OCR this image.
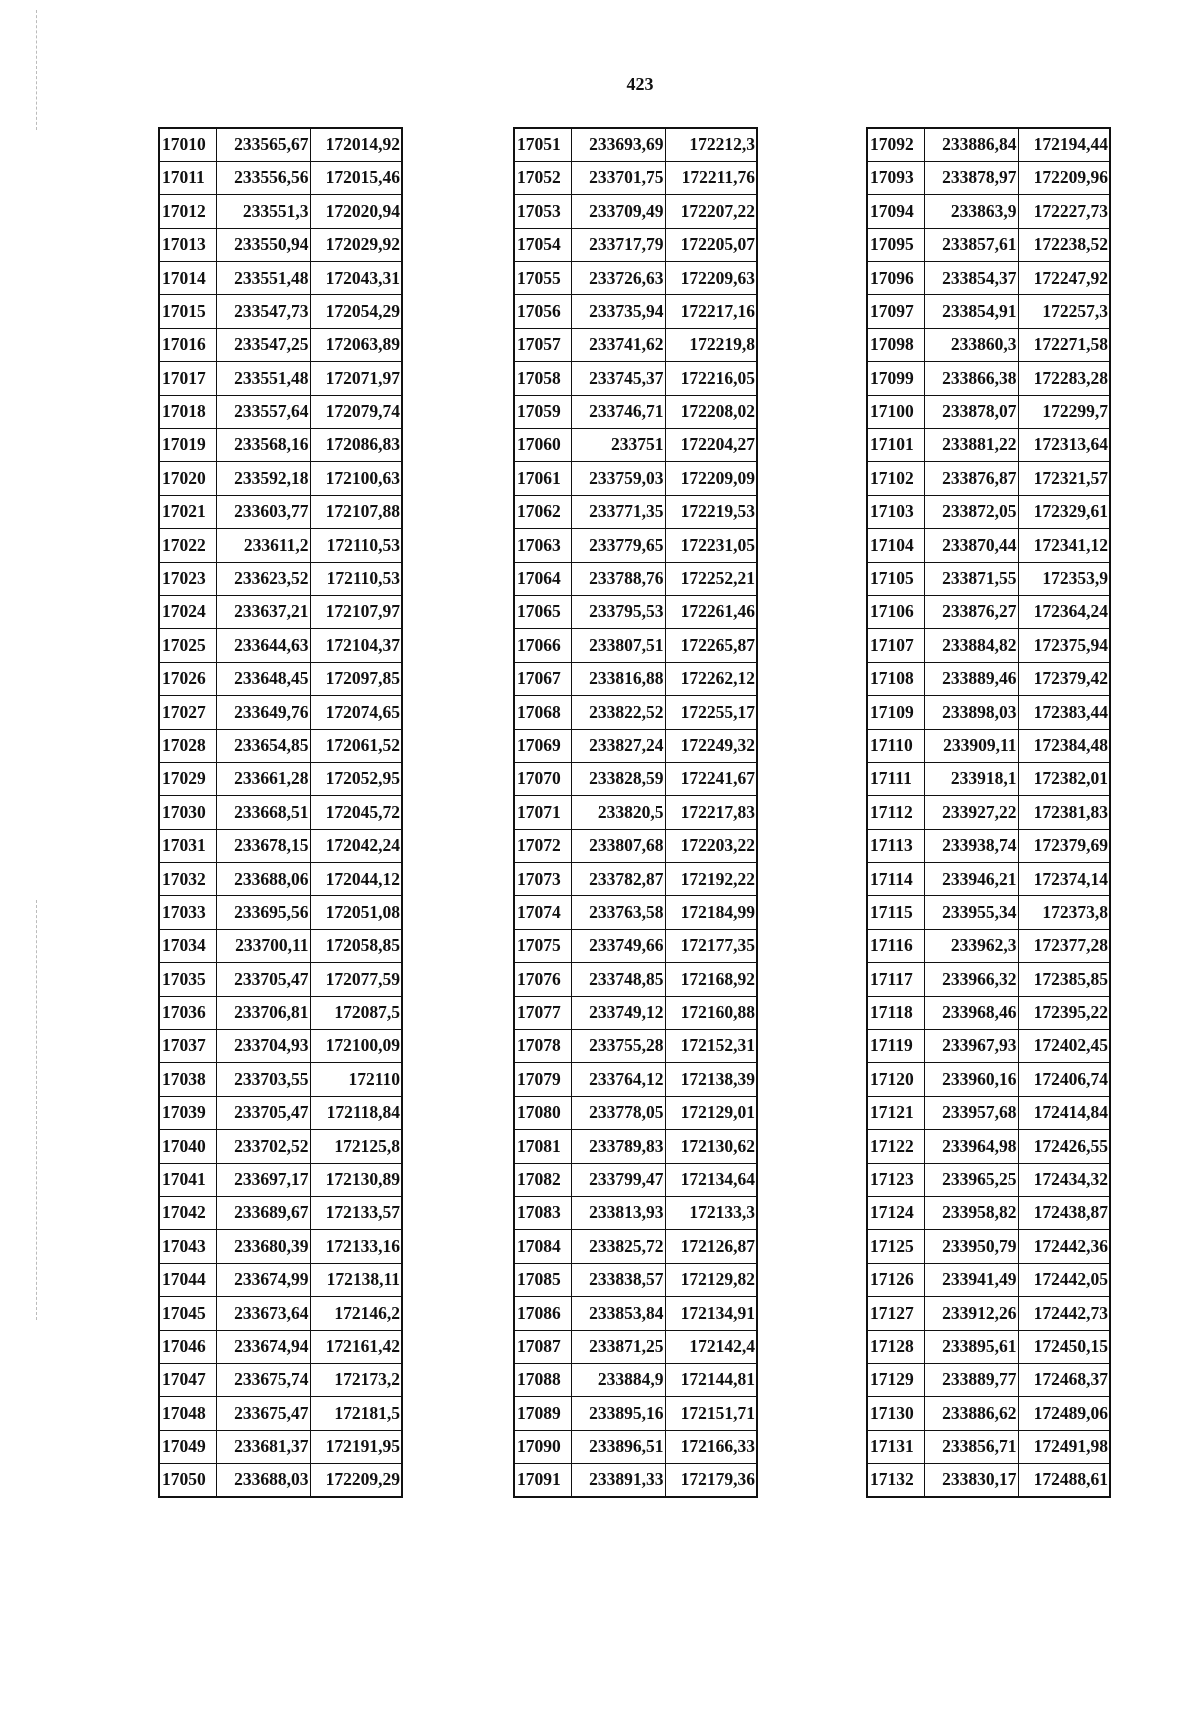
423
17010	233565,67	172014,92
17011	233556,56	172015,46
17012	233551,3	172020,94
17013	233550,94	172029,92
17014	233551,48	172043,31
17015	233547,73	172054,29
17016	233547,25	172063,89
17017	233551,48	172071,97
17018	233557,64	172079,74
17019	233568,16	172086,83
17020	233592,18	172100,63
17021	233603,77	172107,88
17022	233611,2	172110,53
17023	233623,52	172110,53
17024	233637,21	172107,97
17025	233644,63	172104,37
17026	233648,45	172097,85
17027	233649,76	172074,65
17028	233654,85	172061,52
17029	233661,28	172052,95
17030	233668,51	172045,72
17031	233678,15	172042,24
17032	233688,06	172044,12
17033	233695,56	172051,08
17034	233700,11	172058,85
17035	233705,47	172077,59
17036	233706,81	172087,5
17037	233704,93	172100,09
17038	233703,55	172110
17039	233705,47	172118,84
17040	233702,52	172125,8
17041	233697,17	172130,89
17042	233689,67	172133,57
17043	233680,39	172133,16
17044	233674,99	172138,11
17045	233673,64	172146,2
17046	233674,94	172161,42
17047	233675,74	172173,2
17048	233675,47	172181,5
17049	233681,37	172191,95
17050	233688,03	172209,29
17051	233693,69	172212,3
17052	233701,75	172211,76
17053	233709,49	172207,22
17054	233717,79	172205,07
17055	233726,63	172209,63
17056	233735,94	172217,16
17057	233741,62	172219,8
17058	233745,37	172216,05
17059	233746,71	172208,02
17060	233751	172204,27
17061	233759,03	172209,09
17062	233771,35	172219,53
17063	233779,65	172231,05
17064	233788,76	172252,21
17065	233795,53	172261,46
17066	233807,51	172265,87
17067	233816,88	172262,12
17068	233822,52	172255,17
17069	233827,24	172249,32
17070	233828,59	172241,67
17071	233820,5	172217,83
17072	233807,68	172203,22
17073	233782,87	172192,22
17074	233763,58	172184,99
17075	233749,66	172177,35
17076	233748,85	172168,92
17077	233749,12	172160,88
17078	233755,28	172152,31
17079	233764,12	172138,39
17080	233778,05	172129,01
17081	233789,83	172130,62
17082	233799,47	172134,64
17083	233813,93	172133,3
17084	233825,72	172126,87
17085	233838,57	172129,82
17086	233853,84	172134,91
17087	233871,25	172142,4
17088	233884,9	172144,81
17089	233895,16	172151,71
17090	233896,51	172166,33
17091	233891,33	172179,36
17092	233886,84	172194,44
17093	233878,97	172209,96
17094	233863,9	172227,73
17095	233857,61	172238,52
17096	233854,37	172247,92
17097	233854,91	172257,3
17098	233860,3	172271,58
17099	233866,38	172283,28
17100	233878,07	172299,7
17101	233881,22	172313,64
17102	233876,87	172321,57
17103	233872,05	172329,61
17104	233870,44	172341,12
17105	233871,55	172353,9
17106	233876,27	172364,24
17107	233884,82	172375,94
17108	233889,46	172379,42
17109	233898,03	172383,44
17110	233909,11	172384,48
17111	233918,1	172382,01
17112	233927,22	172381,83
17113	233938,74	172379,69
17114	233946,21	172374,14
17115	233955,34	172373,8
17116	233962,3	172377,28
17117	233966,32	172385,85
17118	233968,46	172395,22
17119	233967,93	172402,45
17120	233960,16	172406,74
17121	233957,68	172414,84
17122	233964,98	172426,55
17123	233965,25	172434,32
17124	233958,82	172438,87
17125	233950,79	172442,36
17126	233941,49	172442,05
17127	233912,26	172442,73
17128	233895,61	172450,15
17129	233889,77	172468,37
17130	233886,62	172489,06
17131	233856,71	172491,98
17132	233830,17	172488,61
